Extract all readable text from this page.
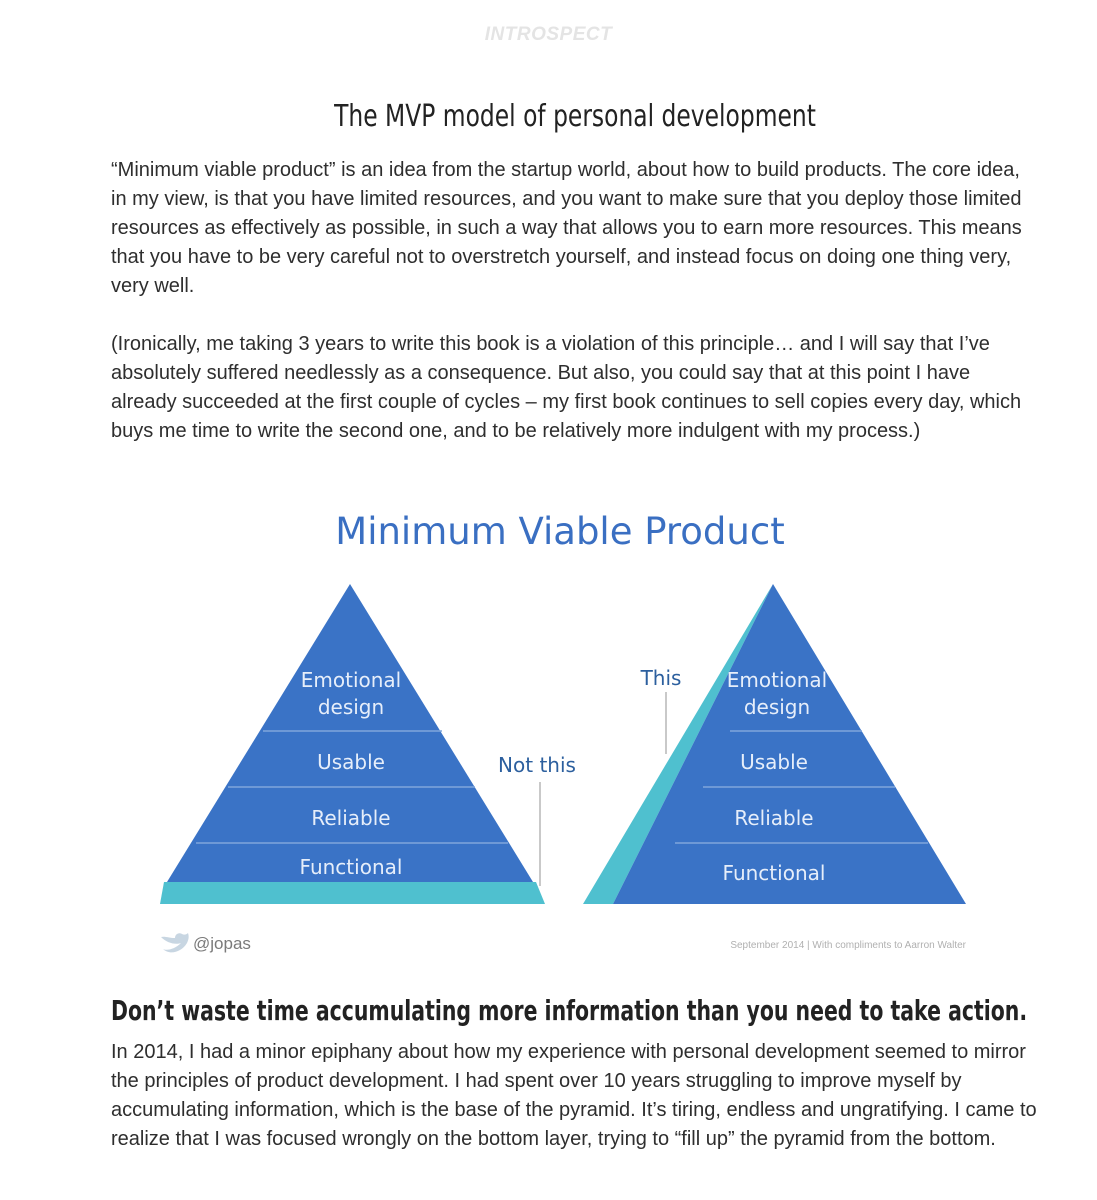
INTROSPECT
The MVP model of personal development

“Minimum viable product” is an idea from the startup world, about how to build products. The core idea, in my view, is that you have limited resources, and you want to make sure that you deploy those limited resources as effectively as possible, in such a way that allows you to earn more resources. This means that you have to be very careful not to overstretch yourself, and instead focus on doing one thing very, very well.

(Ironically, me taking 3 years to write this book is a violation of this principle… and I will say that I’ve absolutely suffered needlessly as a consequence. But also, you could say that at this point I have already succeeded at the first couple of cycles – my first book continues to sell copies every day, which buys me time to write the second one, and to be relatively more indulgent with my process.)

Minimum Viable Product
Emotional
design
Usable
Reliable
Functional
Not this
Emotional
design
Usable
Reliable
Functional
This
@jopas	September 2014 | With compliments to Aarron Walter
Don’t waste time accumulating more information than you need to take action.

In 2014, I had a minor epiphany about how my experience with personal development seemed to mirror the principles of product development. I had spent over 10 years struggling to improve myself by accumulating information, which is the base of the pyramid. It’s tiring, endless and ungratifying. I came to realize that I was focused wrongly on the bottom layer, trying to “fill up” the pyramid from the bottom.
